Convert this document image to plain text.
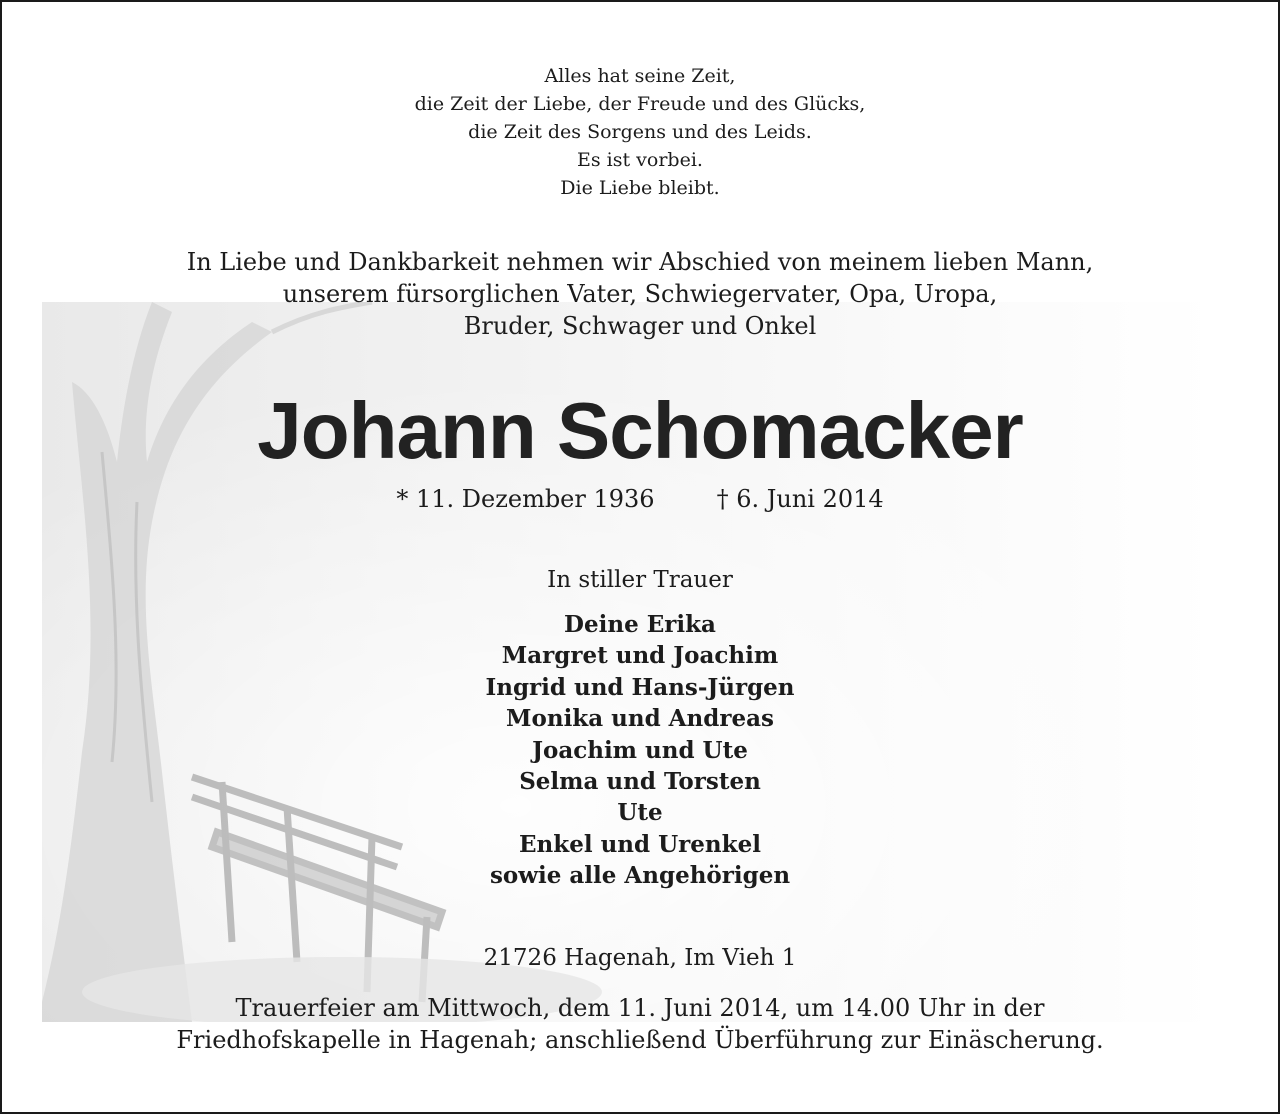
Alles hat seine Zeit,
die Zeit der Liebe, der Freude und des Glücks,
die Zeit des Sorgens und des Leids.
Es ist vorbei.
Die Liebe bleibt.
In Liebe und Dankbarkeit nehmen wir Abschied von meinem lieben Mann,
unserem fürsorglichen Vater, Schwiegervater, Opa, Uropa,
Bruder, Schwager und Onkel
Johann Schomacker
* 11. Dezember 1936	† 6. Juni 2014
In stiller Trauer
Deine Erika
Margret und Joachim
Ingrid und Hans-Jürgen
Monika und Andreas
Joachim und Ute
Selma und Torsten
Ute
Enkel und Urenkel
sowie alle Angehörigen
21726 Hagenah, Im Vieh 1
Trauerfeier am Mittwoch, dem 11. Juni 2014, um 14.00 Uhr in der
Friedhofskapelle in Hagenah; anschließend Überführung zur Einäscherung.
